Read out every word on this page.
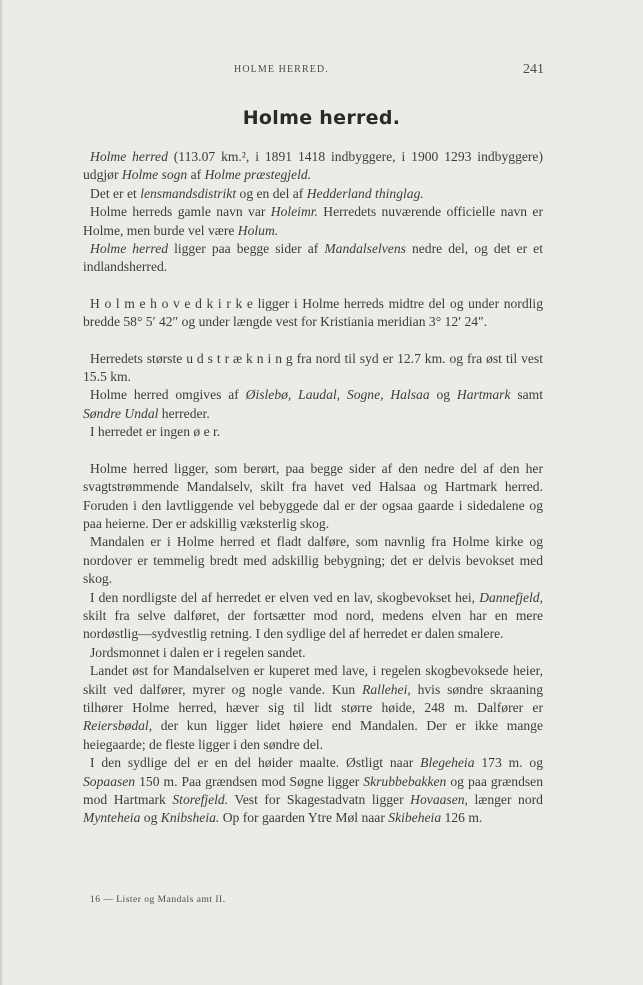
HOLME HERRED.	241
Holme herred.

Holme herred (113.07 km.², i 1891 1418 indbyggere, i 1900 1293 indbyggere) udgjør Holme sogn af Holme præstegjeld.

Det er et lensmandsdistrikt og en del af Hedderland thinglag.

Holme herreds gamle navn var Holeimr. Herredets nuværende officielle navn er Holme, men burde vel være Holum.

Holme herred ligger paa begge sider af Mandalselvens nedre del, og det er et indlandsherred.

H o l m e h o v e d k i r k e ligger i Holme herreds midtre del og under nordlig bredde 58° 5′ 42″ og under længde vest for Kristiania meridian 3° 12′ 24″.

Herredets største u d s t r æ k n i n g fra nord til syd er 12.7 km. og fra øst til vest 15.5 km.

Holme herred omgives af Øislebø, Laudal, Sogne, Halsaa og Hartmark samt Søndre Undal herreder.

I herredet er ingen ø e r.

Holme herred ligger, som berørt, paa begge sider af den nedre del af den her svagtstrømmende Mandalselv, skilt fra havet ved Halsaa og Hartmark herred. Foruden i den lavtliggende vel bebyggede dal er der ogsaa gaarde i sidedalene og paa heierne. Der er adskillig væksterlig skog.

Mandalen er i Holme herred et fladt dalføre, som navnlig fra Holme kirke og nordover er temmelig bredt med adskillig bebygning; det er delvis bevokset med skog.

I den nordligste del af herredet er elven ved en lav, skogbevokset hei, Dannefjeld, skilt fra selve dalføret, der fortsætter mod nord, medens elven har en mere nordøstlig—sydvestlig retning. I den sydlige del af herredet er dalen smalere.

Jordsmonnet i dalen er i regelen sandet.

Landet øst for Mandalselven er kuperet med lave, i regelen skogbevoksede heier, skilt ved dalfører, myrer og nogle vande. Kun Rallehei, hvis søndre skraaning tilhører Holme herred, hæver sig til lidt større høide, 248 m. Dalfører er Reiersbødal, der kun ligger lidet høiere end Mandalen. Der er ikke mange heiegaarde; de fleste ligger i den søndre del.

I den sydlige del er en del høider maalte. Østligt naar Blegeheia 173 m. og Sopaasen 150 m. Paa grændsen mod Søgne ligger Skrubbebakken og paa grændsen mod Hartmark Storefjeld. Vest for Skagestadvatn ligger Hovaasen, længer nord Mynteheia og Knibsheia. Op for gaarden Ytre Møl naar Skibeheia 126 m.

16 — Lister og Mandals amt II.
